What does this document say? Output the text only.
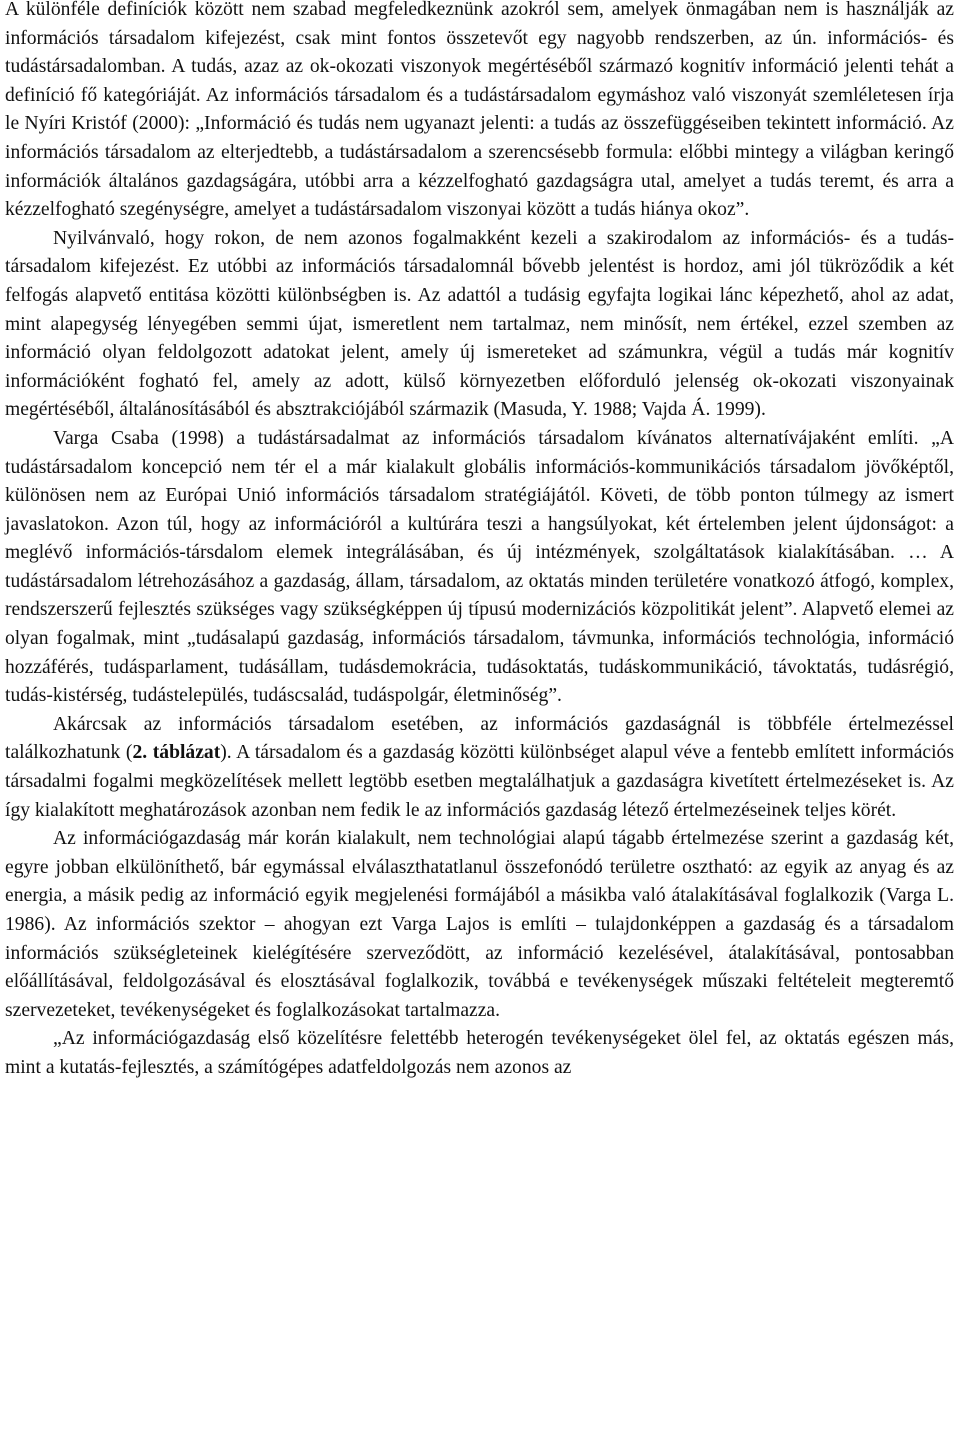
A különféle definíciók között nem szabad megfeledkeznünk azokról sem, amelyek önmagában nem is használják az információs társadalom kifejezést, csak mint fontos összetevőt egy nagyobb rendszerben, az ún. információs- és tudástársadalomban. A tudás, azaz az ok-okozati viszonyok megértéséből származó kognitív információ jelenti tehát a definíció fő kategóriáját. Az információs társadalom és a tudástársadalom egymáshoz való viszonyát szemléletesen írja le Nyíri Kristóf (2000): „Információ és tudás nem ugyanazt jelenti: a tudás az összefüggéseiben tekintett információ. Az információs társadalom az elterjedtebb, a tudástársadalom a szerencsésebb formula: előbbi mintegy a világban keringő információk általános gazdagságára, utóbbi arra a kézzelfogható gazdagságra utal, amelyet a tudás teremt, és arra a kézzelfogható szegénységre, amelyet a tudástársadalom viszonyai között a tudás hiánya okoz”.

Nyilvánvaló, hogy rokon, de nem azonos fogalmakként kezeli a szakirodalom az információs- és a tudás-társadalom kifejezést. Ez utóbbi az információs társadalomnál bővebb jelentést is hordoz, ami jól tükröződik a két felfogás alapvető entitása közötti különbségben is. Az adattól a tudásig egyfajta logikai lánc képezhető, ahol az adat, mint alapegység lényegében semmi újat, ismeretlent nem tartalmaz, nem minősít, nem értékel, ezzel szemben az információ olyan feldolgozott adatokat jelent, amely új ismereteket ad számunkra, végül a tudás már kognitív információként fogható fel, amely az adott, külső környezetben előforduló jelenség ok-okozati viszonyainak megértéséből, általánosításából és absztrakciójából származik (Masuda, Y. 1988; Vajda Á. 1999).

Varga Csaba (1998) a tudástársadalmat az információs társadalom kívánatos alternatívájaként említi. „A tudástársadalom koncepció nem tér el a már kialakult globális információs-kommunikációs társadalom jövőképtől, különösen nem az Európai Unió információs társadalom stratégiájától. Követi, de több ponton túlmegy az ismert javaslatokon. Azon túl, hogy az információról a kultúrára teszi a hangsúlyokat, két értelemben jelent újdonságot: a meglévő információs-társdalom elemek integrálásában, és új intézmények, szolgáltatások kialakításában. … A tudástársadalom létrehozásához a gazdaság, állam, társadalom, az oktatás minden területére vonatkozó átfogó, komplex, rendszerszerű fejlesztés szükséges vagy szükségképpen új típusú modernizációs közpolitikát jelent”. Alapvető elemei az olyan fogalmak, mint „tudásalapú gazdaság, információs társadalom, távmunka, információs technológia, információ hozzáférés, tudásparlament, tudásállam, tudásdemokrácia, tudásoktatás, tudáskommunikáció, távoktatás, tudásrégió, tudás-kistérség, tudástelepülés, tudáscsalád, tudáspolgár, életminőség”.

Akárcsak az információs társadalom esetében, az információs gazdaságnál is többféle értelmezéssel találkozhatunk (2. táblázat). A társadalom és a gazdaság közötti különbséget alapul véve a fentebb említett információs társadalmi fogalmi megközelítések mellett legtöbb esetben megtalálhatjuk a gazdaságra kivetített értelmezéseket is. Az így kialakított meghatározások azonban nem fedik le az információs gazdaság létező értelmezéseinek teljes körét.

Az információgazdaság már korán kialakult, nem technológiai alapú tágabb értelmezése szerint a gazdaság két, egyre jobban elkülöníthető, bár egymással elválaszthatatlanul összefonódó területre osztható: az egyik az anyag és az energia, a másik pedig az információ egyik megjelenési formájából a másikba való átalakításával foglalkozik (Varga L. 1986). Az információs szektor – ahogyan ezt Varga Lajos is említi – tulajdonképpen a gazdaság és a társadalom információs szükségleteinek kielégítésére szerveződött, az információ kezelésével, átalakításával, pontosabban előállításával, feldolgozásával és elosztásával foglalkozik, továbbá e tevékenységek műszaki feltételeit megteremtő szervezeteket, tevékenységeket és foglalkozásokat tartalmazza.

„Az információgazdaság első közelítésre felettébb heterogén tevékenységeket ölel fel, az oktatás egészen más, mint a kutatás-fejlesztés, a számítógépes adatfeldolgozás nem azonos az
